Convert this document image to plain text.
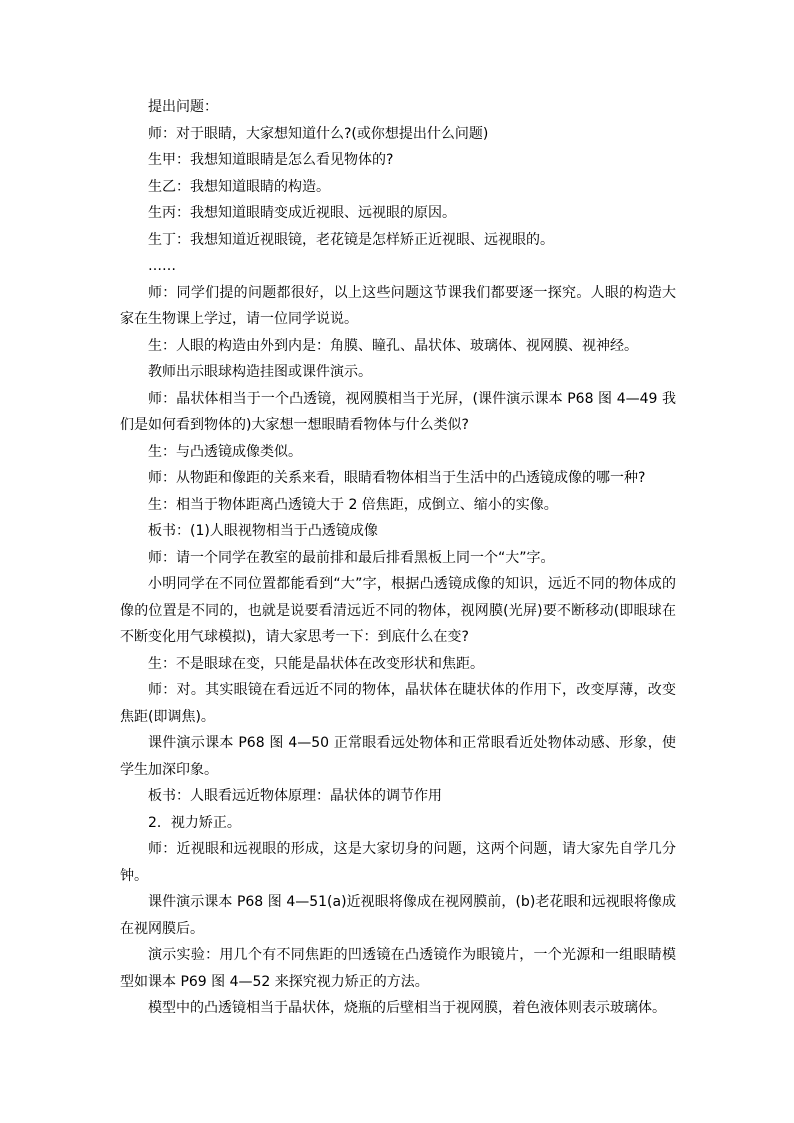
提出问题：

师：对于眼睛，大家想知道什么?(或你想提出什么问题)

生甲：我想知道眼睛是怎么看见物体的?

生乙：我想知道眼睛的构造。

生丙：我想知道眼睛变成近视眼、远视眼的原因。

生丁：我想知道近视眼镜，老花镜是怎样矫正近视眼、远视眼的。

……

师：同学们提的问题都很好，以上这些问题这节课我们都要逐一探究。人眼的构造大家在生物课上学过，请一位同学说说。

生：人眼的构造由外到内是：角膜、瞳孔、晶状体、玻璃体、视网膜、视神经。

教师出示眼球构造挂图或课件演示。

师：晶状体相当于一个凸透镜，视网膜相当于光屏，(课件演示课本 P68 图 4—49 我们是如何看到物体的)大家想一想眼睛看物体与什么类似?

生：与凸透镜成像类似。

师：从物距和像距的关系来看，眼睛看物体相当于生活中的凸透镜成像的哪一种?

生：相当于物体距离凸透镜大于 2 倍焦距，成倒立、缩小的实像。

板书：(1)人眼视物相当于凸透镜成像

师：请一个同学在教室的最前排和最后排看黑板上同一个“大”字。

小明同学在不同位置都能看到“大”字，根据凸透镜成像的知识，远近不同的物体成的像的位置是不同的，也就是说要看清远近不同的物体，视网膜(光屏)要不断移动(即眼球在不断变化用气球模拟)，请大家思考一下：到底什么在变?

生：不是眼球在变，只能是晶状体在改变形状和焦距。

师：对。其实眼镜在看远近不同的物体，晶状体在睫状体的作用下，改变厚薄，改变焦距(即调焦)。

课件演示课本 P68 图 4—50 正常眼看远处物体和正常眼看近处物体动感、形象，使学生加深印象。

板书：人眼看远近物体原理：晶状体的调节作用

2．视力矫正。

师：近视眼和远视眼的形成，这是大家切身的问题，这两个问题，请大家先自学几分钟。

课件演示课本 P68 图 4—51(a)近视眼将像成在视网膜前，(b)老花眼和远视眼将像成在视网膜后。

演示实验：用几个有不同焦距的凹透镜在凸透镜作为眼镜片，一个光源和一组眼睛模型如课本 P69 图 4—52 来探究视力矫正的方法。

模型中的凸透镜相当于晶状体，烧瓶的后壁相当于视网膜，着色液体则表示玻璃体。
